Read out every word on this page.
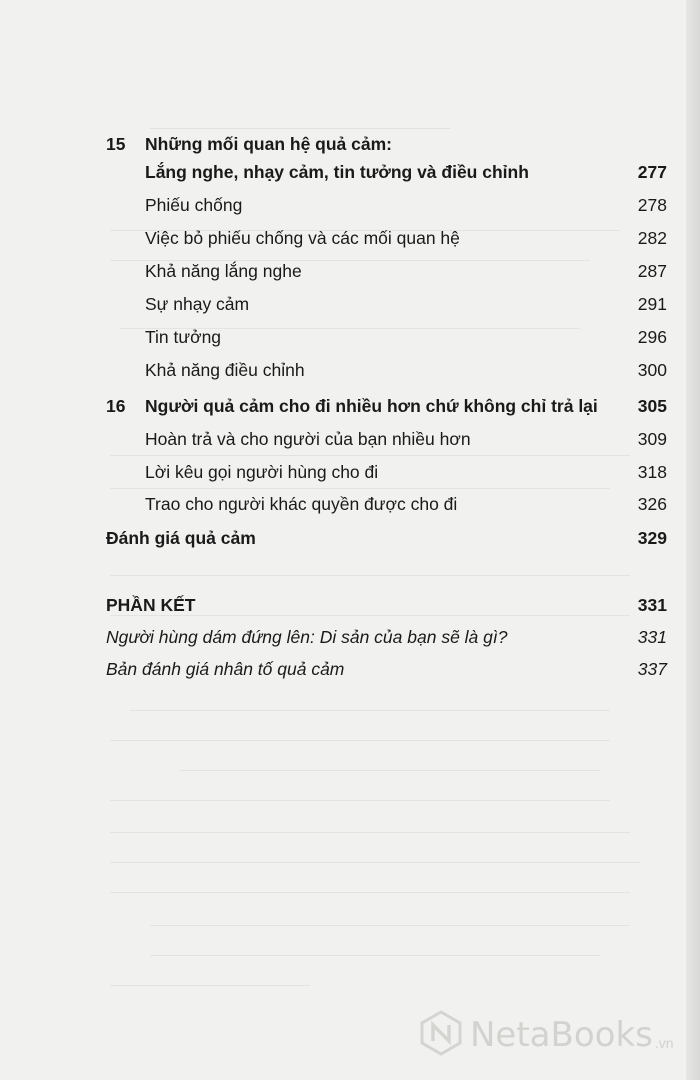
15 Những mối quan hệ quả cảm:
Lắng nghe, nhạy cảm, tin tưởng và điều chỉnh	277
Phiếu chống	278
Việc bỏ phiếu chống và các mối quan hệ	282
Khả năng lắng nghe	287
Sự nhạy cảm	291
Tin tưởng	296
Khả năng điều chỉnh	300
16 Người quả cảm cho đi nhiều hơn chứ không chỉ trả lại 305
Hoàn trả và cho người của bạn nhiều hơn	309
Lời kêu gọi người hùng cho đi	318
Trao cho người khác quyền được cho đi	326
Đánh giá quả cảm	329
PHẦN KẾT	331
Người hùng dám đứng lên: Di sản của bạn sẽ là gì?	331
Bản đánh giá nhân tố quả cảm	337
NetaBooks .vn
